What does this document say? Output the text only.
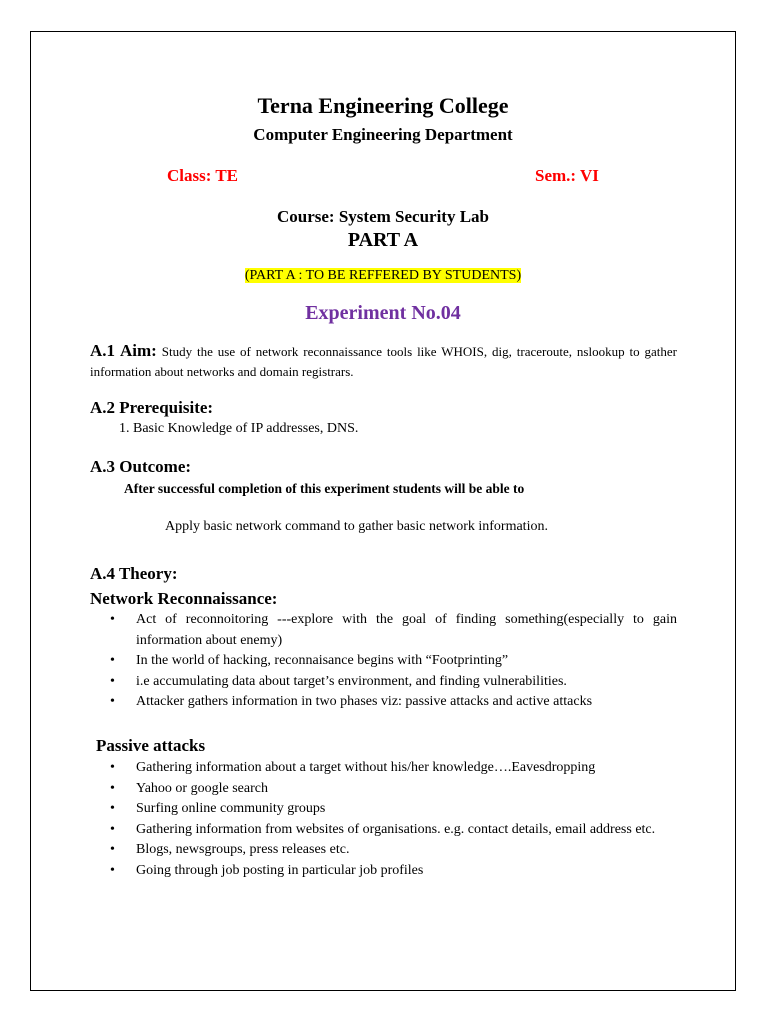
Terna Engineering College
Computer Engineering Department
Class: TE	Sem.: VI
Course: System Security Lab
PART A
(PART A : TO BE REFFERED BY STUDENTS)
Experiment No.04
A.1 Aim: Study the use of network reconnaissance tools like WHOIS, dig, traceroute, nslookup to gather information about networks and domain registrars.
A.2 Prerequisite:
1. Basic Knowledge of IP addresses, DNS.
A.3 Outcome:
After successful completion of this experiment students will be able to
Apply basic network command to gather basic network information.
A.4 Theory:
Network Reconnaissance:
• Act of reconnoitoring ---explore with the goal of finding something(especially to gain information about enemy)
• In the world of hacking, reconnaisance begins with “Footprinting”
• i.e accumulating data about target’s environment, and finding vulnerabilities.
• Attacker gathers information in two phases viz: passive attacks and active attacks
Passive attacks
• Gathering information about a target without his/her knowledge….Eavesdropping
• Yahoo or google search
• Surfing online community groups
• Gathering information from websites of organisations. e.g. contact details, email address etc.
• Blogs, newsgroups, press releases etc.
• Going through job posting in particular job profiles
